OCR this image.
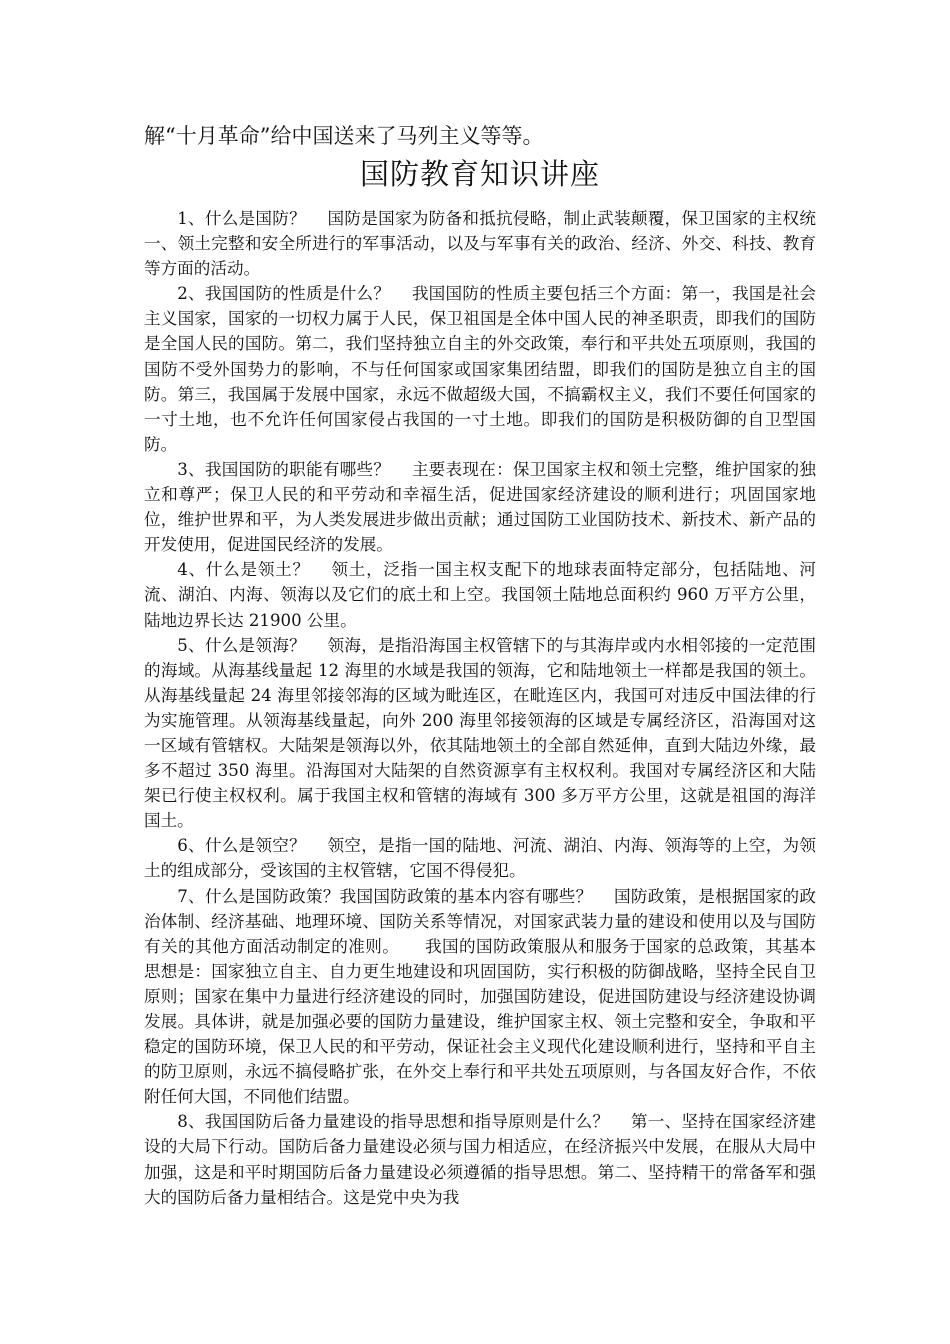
解“十月革命”给中国送来了马列主义等等。

国防教育知识讲座

1、什么是国防？ 国防是国家为防备和抵抗侵略，制止武装颠覆，保卫国家的主权统一、领土完整和安全所进行的军事活动，以及与军事有关的政治、经济、外交、科技、教育等方面的活动。

2、我国国防的性质是什么？ 我国国防的性质主要包括三个方面：第一，我国是社会主义国家，国家的一切权力属于人民，保卫祖国是全体中国人民的神圣职责，即我们的国防是全国人民的国防。第二，我们坚持独立自主的外交政策，奉行和平共处五项原则，我国的国防不受外国势力的影响，不与任何国家或国家集团结盟，即我们的国防是独立自主的国防。第三，我国属于发展中国家，永远不做超级大国，不搞霸权主义，我们不要任何国家的一寸土地，也不允许任何国家侵占我国的一寸土地。即我们的国防是积极防御的自卫型国防。

3、我国国防的职能有哪些？ 主要表现在：保卫国家主权和领土完整，维护国家的独立和尊严；保卫人民的和平劳动和幸福生活，促进国家经济建设的顺利进行；巩固国家地位，维护世界和平，为人类发展进步做出贡献；通过国防工业国防技术、新技术、新产品的开发使用，促进国民经济的发展。

4、什么是领土？ 领土，泛指一国主权支配下的地球表面特定部分，包括陆地、河流、湖泊、内海、领海以及它们的底土和上空。我国领土陆地总面积约 960 万平方公里，陆地边界长达 21900 公里。

5、什么是领海？ 领海，是指沿海国主权管辖下的与其海岸或内水相邻接的一定范围的海域。从海基线量起 12 海里的水域是我国的领海，它和陆地领土一样都是我国的领土。从海基线量起 24 海里邻接邻海的区域为毗连区，在毗连区内，我国可对违反中国法律的行为实施管理。从领海基线量起，向外 200 海里邻接领海的区域是专属经济区，沿海国对这一区域有管辖权。大陆架是领海以外，依其陆地领土的全部自然延伸，直到大陆边外缘，最多不超过 350 海里。沿海国对大陆架的自然资源享有主权权利。我国对专属经济区和大陆架已行使主权权利。属于我国主权和管辖的海域有 300 多万平方公里，这就是祖国的海洋国土。

6、什么是领空？ 领空，是指一国的陆地、河流、湖泊、内海、领海等的上空，为领土的组成部分，受该国的主权管辖，它国不得侵犯。

7、什么是国防政策？我国国防政策的基本内容有哪些？ 国防政策，是根据国家的政治体制、经济基础、地理环境、国防关系等情况，对国家武装力量的建设和使用以及与国防有关的其他方面活动制定的准则。　　我国的国防政策服从和服务于国家的总政策，其基本思想是：国家独立自主、自力更生地建设和巩固国防，实行积极的防御战略，坚持全民自卫原则；国家在集中力量进行经济建设的同时，加强国防建设，促进国防建设与经济建设协调发展。具体讲，就是加强必要的国防力量建设，维护国家主权、领土完整和安全，争取和平稳定的国防环境，保卫人民的和平劳动，保证社会主义现代化建设顺利进行，坚持和平自主的防卫原则，永远不搞侵略扩张，在外交上奉行和平共处五项原则，与各国友好合作，不依附任何大国，不同他们结盟。

8、我国国防后备力量建设的指导思想和指导原则是什么？ 第一、坚持在国家经济建设的大局下行动。国防后备力量建设必须与国力相适应，在经济振兴中发展，在服从大局中加强，这是和平时期国防后备力量建设必须遵循的指导思想。第二、坚持精干的常备军和强大的国防后备力量相结合。这是党中央为我
